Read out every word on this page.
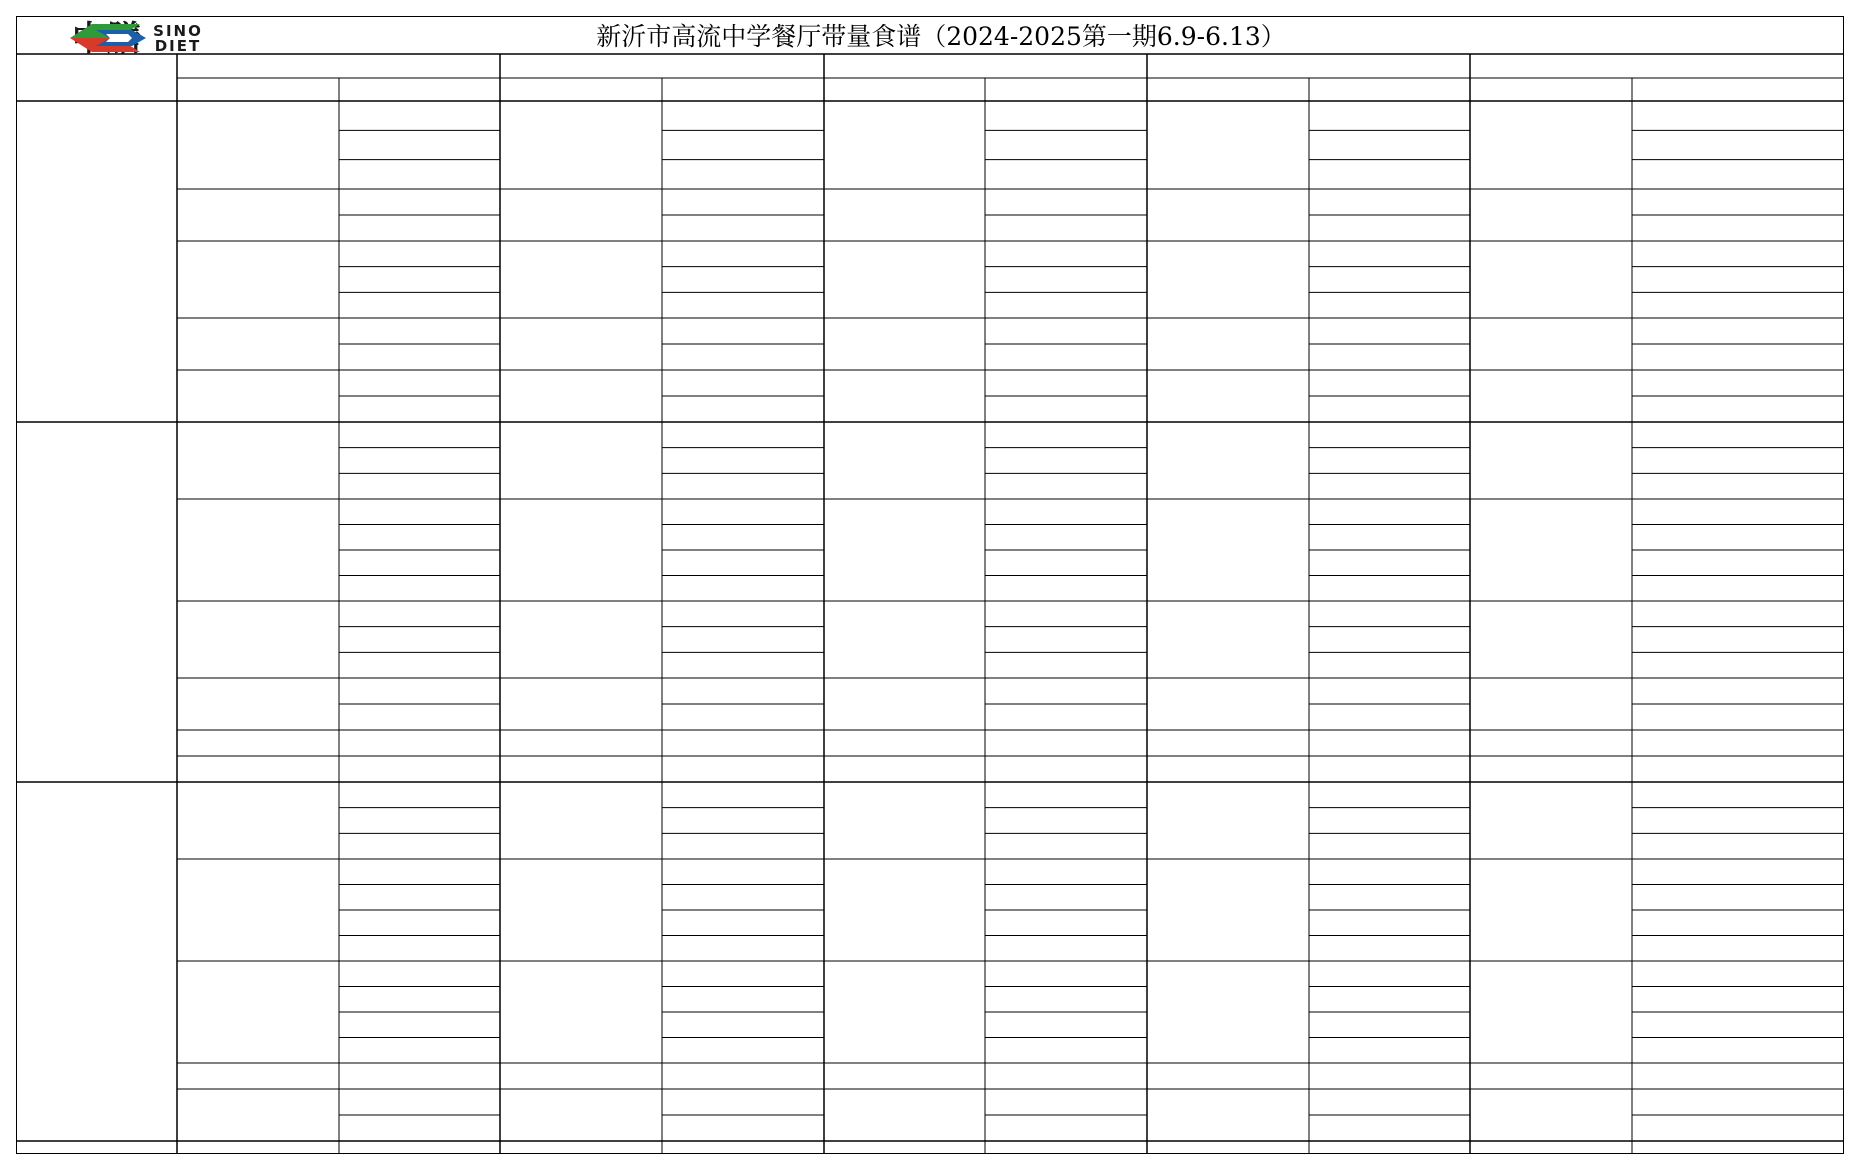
SINO DIET	新沂市高流中学餐厅带量食谱（2024-2025第一期6.9-6.13）
